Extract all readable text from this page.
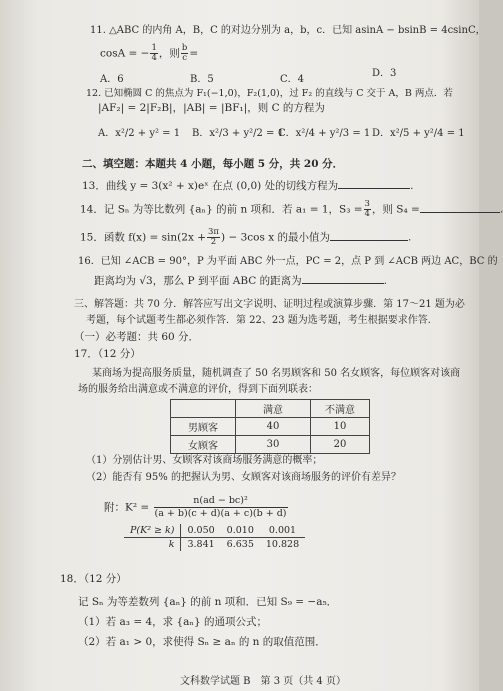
11. △ABC 的内角 A，B，C 的对边分别为 a，b，c．已知 asinA − bsinB = 4csinC，
cosA = − $\frac{1}{4}$ ，则 $\frac{b}{c}$ =
A．6	B．5	C．4
D．3
12. 已知椭圆 C 的焦点为 F₁(−1,0)，F₂(1,0)，过 F₂ 的直线与 C 交于 A，B 两点．若
|AF₂| = 2|F₂B|，|AB| = |BF₁|，则 C 的方程为
A．x²/2 + y² = 1 B．x²/3 + y²/2 = 1
C．x²/4 + y²/3 = 1 D．x²/5 + y²/4 = 1
二、填空题：本题共 4 小题，每小题 5 分，共 20 分．
13．曲线 y = 3(x² + x)eˣ 在点 (0,0) 处的切线方程为	.
14．记 Sₙ 为等比数列 {aₙ} 的前 n 项和．若 a₁ = 1，$S_3 = \frac{3}{4}$ ，则 S₄ =	.
15．函数 $f(x) = \sin(2x + \frac{3\pi}{2}$ ) − 3cos x 的最小值为	.
16．已知 ∠ACB = 90°，P 为平面 ABC 外一点，PC = 2，点 P 到 ∠ACB 两边 AC，BC 的
距离均为 √3，那么 P 到平面 ABC 的距离为	.
三、解答题：共 70 分．解答应写出文字说明、证明过程或演算步骤．第 17～21 题为必
考题，每个试题考生都必须作答．第 22、23 题为选考题，考生根据要求作答．
（一）必考题：共 60 分．
17．（12 分）
某商场为提高服务质量，随机调查了 50 名男顾客和 50 名女顾客，每位顾客对该商
场的服务给出满意或不满意的评价，得到下面列联表：
	满意	不满意
男顾客	40	10
女顾客	30	20
（1）分别估计男、女顾客对该商场服务满意的概率；
（2）能否有 95% 的把握认为男、女顾客对该商场服务的评价有差异？
附：$K^2 = \frac{\text{n(ad − bc)²}}{(a + b)(c + d)(a + c)(b + d)}$
P(K² ≥ k)	0.050	0.010	0.001
k	3.841	6.635	10.828
18．（12 分）
记 Sₙ 为等差数列 {aₙ} 的前 n 项和．已知 S₉ = −a₅．
（1）若 a₃ = 4，求 {aₙ} 的通项公式；
（2）若 a₁ > 0，求使得 Sₙ ≥ aₙ 的 n 的取值范围．
文科数学试题 B　第 3 页（共 4 页）
